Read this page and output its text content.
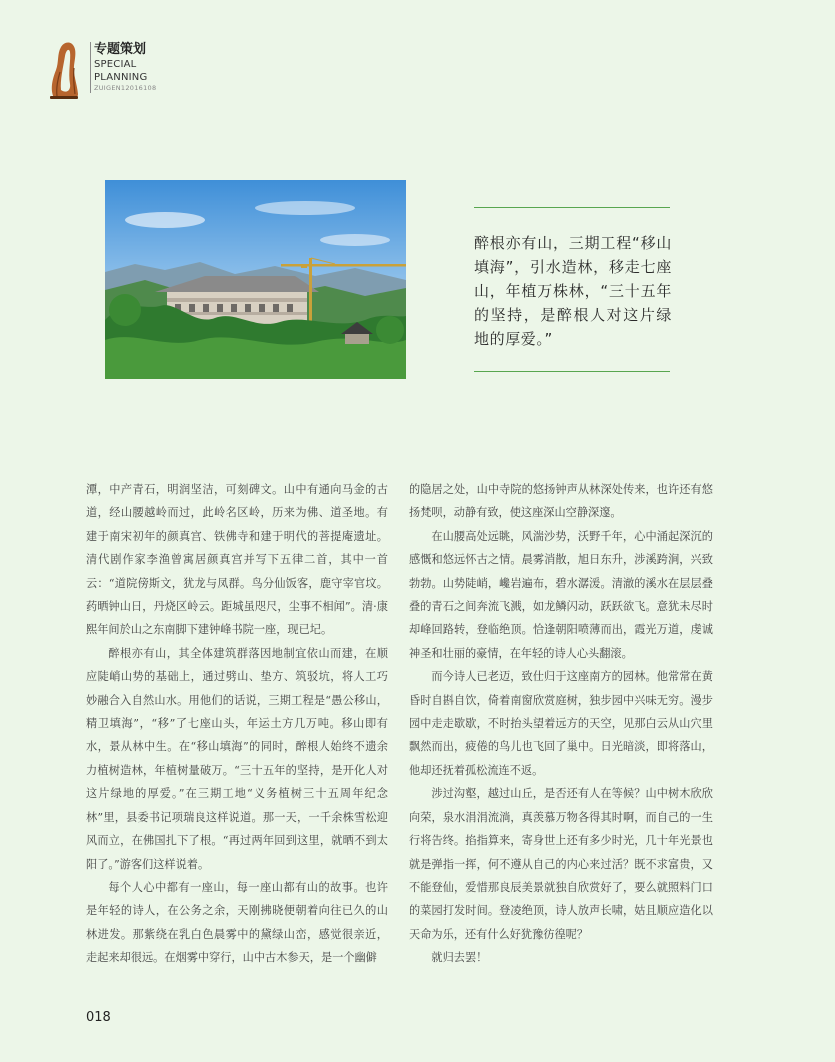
专题策划
SPECIAL PLANNING
ZUIGEN12016108
醉根亦有山，三期工程“移山填海”，引水造林，移走七座山，年植万株林，“三十五年的坚持，是醉根人对这片绿地的厚爱。”

潭，中产青石，明润坚洁，可刻碑文。山中有通向马金的古道，经山腰越岭而过，此岭名区岭，历来为佛、道圣地。有建于南宋初年的颜真宫、铁佛寺和建于明代的菩提庵遗址。清代剧作家李渔曾寓居颜真宫并写下五律二首，其中一首云：“道院傍斯文，犹龙与凤群。鸟分仙饭客，鹿守宰官坟。药晒钟山日，丹烧区岭云。距城虽咫尺，尘事不相闻”。清·康熙年间於山之东南脚下建钟峰书院一座，现已圮。

醉根亦有山，其全体建筑群落因地制宜依山而建，在顺应陡峭山势的基础上，通过劈山、垫方、筑驳坑，将人工巧妙融合入自然山水。用他们的话说，三期工程是“愚公移山，精卫填海”，“移”了七座山头，年运土方几万吨。移山即有水，景从林中生。在“移山填海”的同时，醉根人始终不遗余力植树造林，年植树量破万。“三十五年的坚持，是开化人对这片绿地的厚爱。”在三期工地“义务植树三十五周年纪念林”里，县委书记项瑞良这样说道。那一天，一千余株雪松迎风而立，在佛国扎下了根。“再过两年回到这里，就晒不到太阳了。”游客们这样说着。

每个人心中都有一座山，每一座山都有山的故事。也许是年轻的诗人，在公务之余，天刚拂晓便朝着向往已久的山林进发。那紫绕在乳白色晨雾中的黛绿山峦，感觉很亲近，走起来却很远。在烟雾中穿行，山中古木参天，是一个幽僻

的隐居之处，山中寺院的悠扬钟声从林深处传来，也许还有悠扬梵呗，动静有致，使这座深山空静深邃。

在山腰高处远眺，风湍沙势，沃野千年，心中涌起深沉的感慨和悠远怀古之情。晨雾消散，旭日东升，涉溪跨涧，兴致勃勃。山势陡峭，巉岩遍布，碧水潺湲。清澈的溪水在层层叠叠的青石之间奔流飞溅，如龙鳞闪动，跃跃欲飞。意犹未尽时却峰回路转，登临绝顶。恰逢朝阳喷薄而出，霞光万道，虔诚神圣和壮丽的豪情，在年轻的诗人心头翻滚。

而今诗人已老迈，致仕归于这座南方的园林。他常常在黄昏时自斟自饮，倚着南窗欣赏庭树，独步园中兴味无穷。漫步园中走走歇歇，不时抬头望着远方的天空，见那白云从山穴里飘然而出，疲倦的鸟儿也飞回了巢中。日光暗淡，即将落山，他却还抚着孤松流连不返。

涉过沟壑，越过山丘，是否还有人在等候？山中树木欣欣向荣，泉水涓涓流淌，真羡慕万物各得其时啊，而自己的一生行将告终。掐指算来，寄身世上还有多少时光，几十年光景也就是弹指一挥，何不遵从自己的内心来过活？既不求富贵，又不能登仙，爱惜那良辰美景就独自欣赏好了，要么就照料门口的菜园打发时间。登凌绝顶，诗人放声长啸，姑且顺应造化以天命为乐，还有什么好犹豫彷徨呢？

就归去罢！

018
